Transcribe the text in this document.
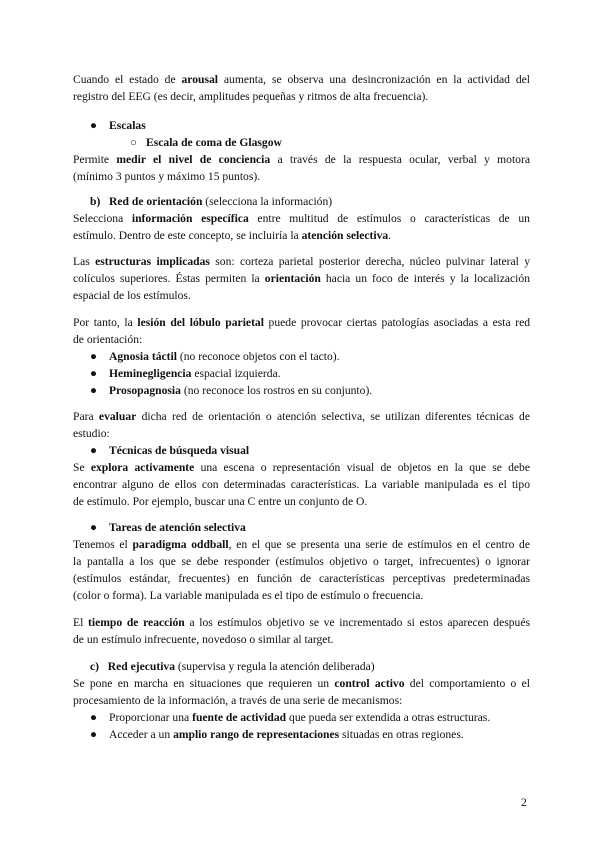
Cuando el estado de arousal aumenta, se observa una desincronización en la actividad del
registro del EEG (es decir, amplitudes pequeñas y ritmos de alta frecuencia).
● Escalas
○ Escala de coma de Glasgow
Permite medir el nivel de conciencia a través de la respuesta ocular, verbal y motora
(mínimo 3 puntos y máximo 15 puntos).
b) Red de orientación (selecciona la información)
Selecciona información específica entre multitud de estímulos o características de un
estímulo. Dentro de este concepto, se incluiría la atención selectiva.
Las estructuras implicadas son: corteza parietal posterior derecha, núcleo pulvinar lateral y
colículos superiores. Éstas permiten la orientación hacia un foco de interés y la localización
espacial de los estímulos.
Por tanto, la lesión del lóbulo parietal puede provocar ciertas patologías asociadas a esta red
de orientación:
● Agnosia táctil (no reconoce objetos con el tacto).
● Heminegligencia espacial izquierda.
● Prosopagnosia (no reconoce los rostros en su conjunto).
Para evaluar dicha red de orientación o atención selectiva, se utilizan diferentes técnicas de
estudio:
● Técnicas de búsqueda visual
Se explora activamente una escena o representación visual de objetos en la que se debe
encontrar alguno de ellos con determinadas características. La variable manipulada es el tipo
de estímulo. Por ejemplo, buscar una C entre un conjunto de O.
● Tareas de atención selectiva
Tenemos el paradigma oddball, en el que se presenta una serie de estímulos en el centro de
la pantalla a los que se debe responder (estímulos objetivo o target, infrecuentes) o ignorar
(estímulos estándar, frecuentes) en función de características perceptivas predeterminadas
(color o forma). La variable manipulada es el tipo de estímulo o frecuencia.
El tiempo de reacción a los estímulos objetivo se ve incrementado si estos aparecen después
de un estímulo infrecuente, novedoso o similar al target.
c) Red ejecutiva (supervisa y regula la atención deliberada)
Se pone en marcha en situaciones que requieren un control activo del comportamiento o el
procesamiento de la información, a través de una serie de mecanismos:
● Proporcionar una fuente de actividad que pueda ser extendida a otras estructuras.
● Acceder a un amplio rango de representaciones situadas en otras regiones.
2
